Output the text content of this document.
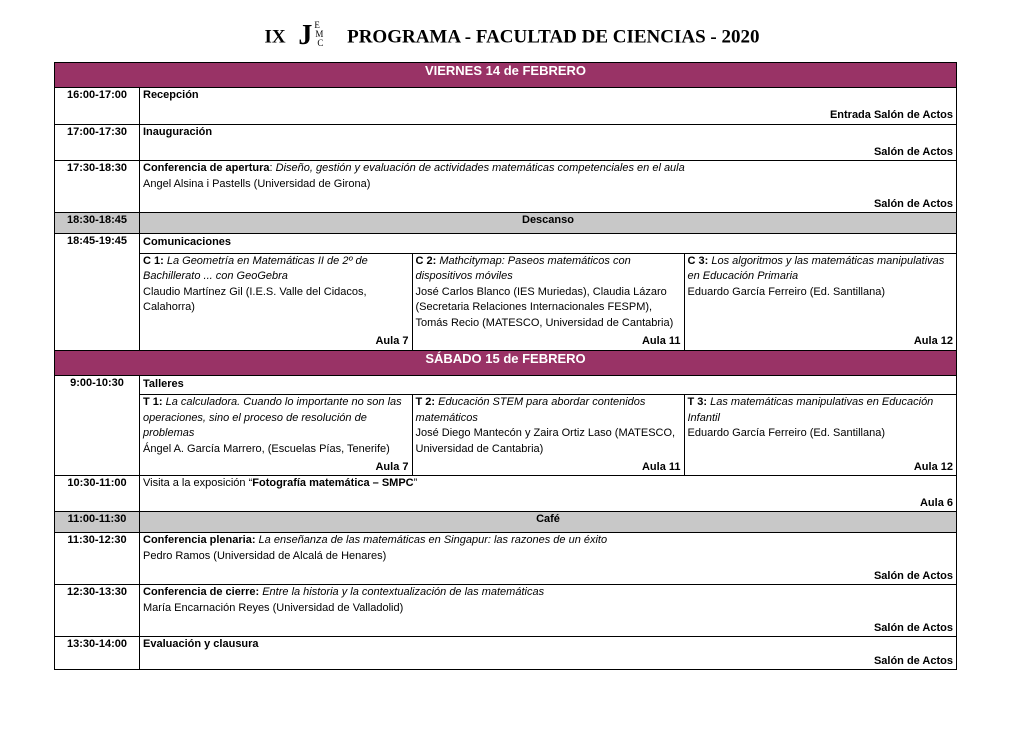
IX J E
M
C PROGRAMA - FACULTAD DE CIENCIAS - 2020
VIERNES 14 de FEBRERO
16:00-17:00	Recepción
Entrada Salón de Actos

17:00-17:30	Inauguración
Salón de Actos

17:30-18:30	Conferencia de apertura: Diseño, gestión y evaluación de actividades matemáticas competenciales en el aula
Angel Alsina i Pastells (Universidad de Girona)
Salón de Actos

18:30-18:45	Descanso
18:45-19:45	Comunicaciones
C 1: La Geometría en Matemáticas II de 2º de Bachillerato ... con GeoGebra
Claudio Martínez Gil (I.E.S. Valle del Cidacos, Calahorra)
Aula 7

C 2: Mathcitymap: Paseos matemáticos con dispositivos móviles
José Carlos Blanco (IES Muriedas), Claudia Lázaro (Secretaria Relaciones Internacionales FESPM), Tomás Recio (MATESCO, Universidad de Cantabria)
Aula 11

C 3: Los algoritmos y las matemáticas manipulativas en Educación Primaria
Eduardo García Ferreiro (Ed. Santillana)
Aula 12

SÁBADO 15 de FEBRERO
9:00-10:30	Talleres
T 1: La calculadora. Cuando lo importante no son las operaciones, sino el proceso de resolución de problemas
Ángel A. García Marrero, (Escuelas Pías, Tenerife)
Aula 7

T 2: Educación STEM para abordar contenidos matemáticos
José Diego Mantecón y Zaira Ortiz Laso (MATESCO, Universidad de Cantabria)
Aula 11

T 3: Las matemáticas manipulativas en Educación Infantil
Eduardo García Ferreiro (Ed. Santillana)
Aula 12

10:30-11:00	Visita a la exposición “Fotografía matemática – SMPC”
Aula 6

11:00-11:30	Café
11:30-12:30	Conferencia plenaria: La enseñanza de las matemáticas en Singapur: las razones de un éxito
Pedro Ramos (Universidad de Alcalá de Henares)
Salón de Actos

12:30-13:30	Conferencia de cierre: Entre la historia y la contextualización de las matemáticas
María Encarnación Reyes (Universidad de Valladolid)
Salón de Actos

13:30-14:00	Evaluación y clausura
Salón de Actos
